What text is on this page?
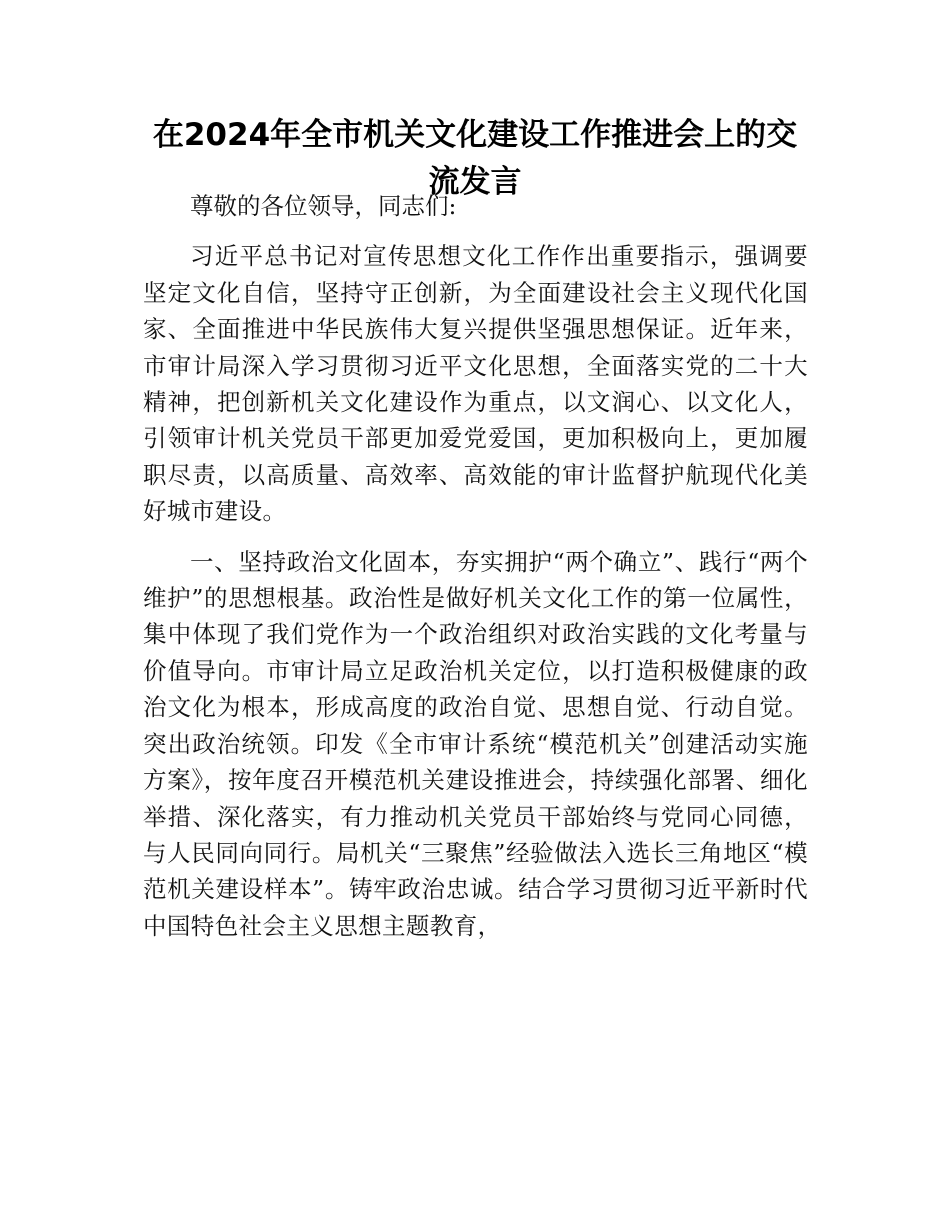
在2024年全市机关文化建设工作推进会上的交流发言

尊敬的各位领导，同志们:

习近平总书记对宣传思想文化工作作出重要指示，强调要坚定文化自信，坚持守正创新，为全面建设社会主义现代化国家、全面推进中华民族伟大复兴提供坚强思想保证。近年来，市审计局深入学习贯彻习近平文化思想，全面落实党的二十大精神，把创新机关文化建设作为重点，以文润心、以文化人，引领审计机关党员干部更加爱党爱国，更加积极向上，更加履职尽责，以高质量、高效率、高效能的审计监督护航现代化美好城市建设。

一、坚持政治文化固本，夯实拥护“两个确立”、践行“两个维护”的思想根基。政治性是做好机关文化工作的第一位属性，集中体现了我们党作为一个政治组织对政治实践的文化考量与价值导向。市审计局立足政治机关定位，以打造积极健康的政治文化为根本，形成高度的政治自觉、思想自觉、行动自觉。突出政治统领。印发《全市审计系统“模范机关”创建活动实施方案》，按年度召开模范机关建设推进会，持续强化部署、细化举措、深化落实，有力推动机关党员干部始终与党同心同德，与人民同向同行。局机关“三聚焦”经验做法入选长三角地区“模范机关建设样本”。铸牢政治忠诚。结合学习贯彻习近平新时代中国特色社会主义思想主题教育，
